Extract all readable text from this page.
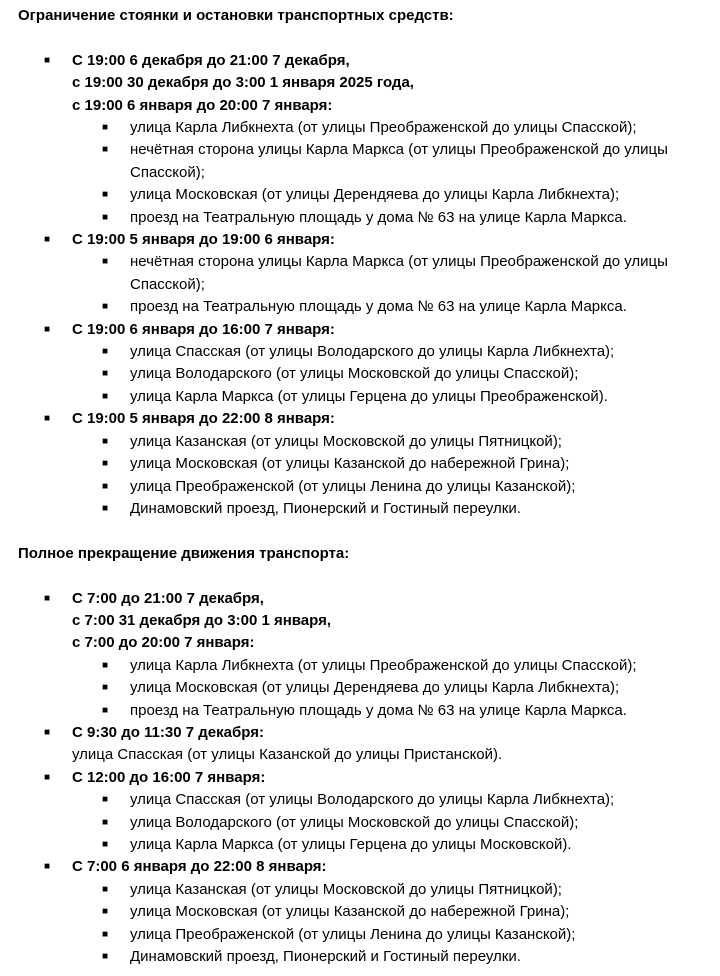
Ограничение стоянки и остановки транспортных средств:

■ С 19:00 6 декабря до 21:00 7 декабря,
с 19:00 30 декабря до 3:00 1 января 2025 года,
с 19:00 6 января до 20:00 7 января:
■ улица Карла Либкнехта (от улицы Преображенской до улицы Спасской);
■ нечётная сторона улицы Карла Маркса (от улицы Преображенской до улицы Спасской);
■ улица Московская (от улицы Дерендяева до улицы Карла Либкнехта);
■ проезд на Театральную площадь у дома № 63 на улице Карла Маркса.
■ С 19:00 5 января до 19:00 6 января:
■ нечётная сторона улицы Карла Маркса (от улицы Преображенской до улицы Спасской);
■ проезд на Театральную площадь у дома № 63 на улице Карла Маркса.
■ С 19:00 6 января до 16:00 7 января:
■ улица Спасская (от улицы Володарского до улицы Карла Либкнехта);
■ улица Володарского (от улицы Московской до улицы Спасской);
■ улица Карла Маркса (от улицы Герцена до улицы Преображенской).
■ С 19:00 5 января до 22:00 8 января:
■ улица Казанская (от улицы Московской до улицы Пятницкой);
■ улица Московская (от улицы Казанской до набережной Грина);
■ улица Преображенской (от улицы Ленина до улицы Казанской);
■ Динамовский проезд, Пионерский и Гостиный переулки.

Полное прекращение движения транспорта:

■ С 7:00 до 21:00 7 декабря,
с 7:00 31 декабря до 3:00 1 января,
с 7:00 до 20:00 7 января:
■ улица Карла Либкнехта (от улицы Преображенской до улицы Спасской);
■ улица Московская (от улицы Дерендяева до улицы Карла Либкнехта);
■ проезд на Театральную площадь у дома № 63 на улице Карла Маркса.
■ С 9:30 до 11:30 7 декабря:
улица Спасская (от улицы Казанской до улицы Пристанской).
■ С 12:00 до 16:00 7 января:
■ улица Спасская (от улицы Володарского до улицы Карла Либкнехта);
■ улица Володарского (от улицы Московской до улицы Спасской);
■ улица Карла Маркса (от улицы Герцена до улицы Московской).
■ С 7:00 6 января до 22:00 8 января:
■ улица Казанская (от улицы Московской до улицы Пятницкой);
■ улица Московская (от улицы Казанской до набережной Грина);
■ улица Преображенской (от улицы Ленина до улицы Казанской);
■ Динамовский проезд, Пионерский и Гостиный переулки.
